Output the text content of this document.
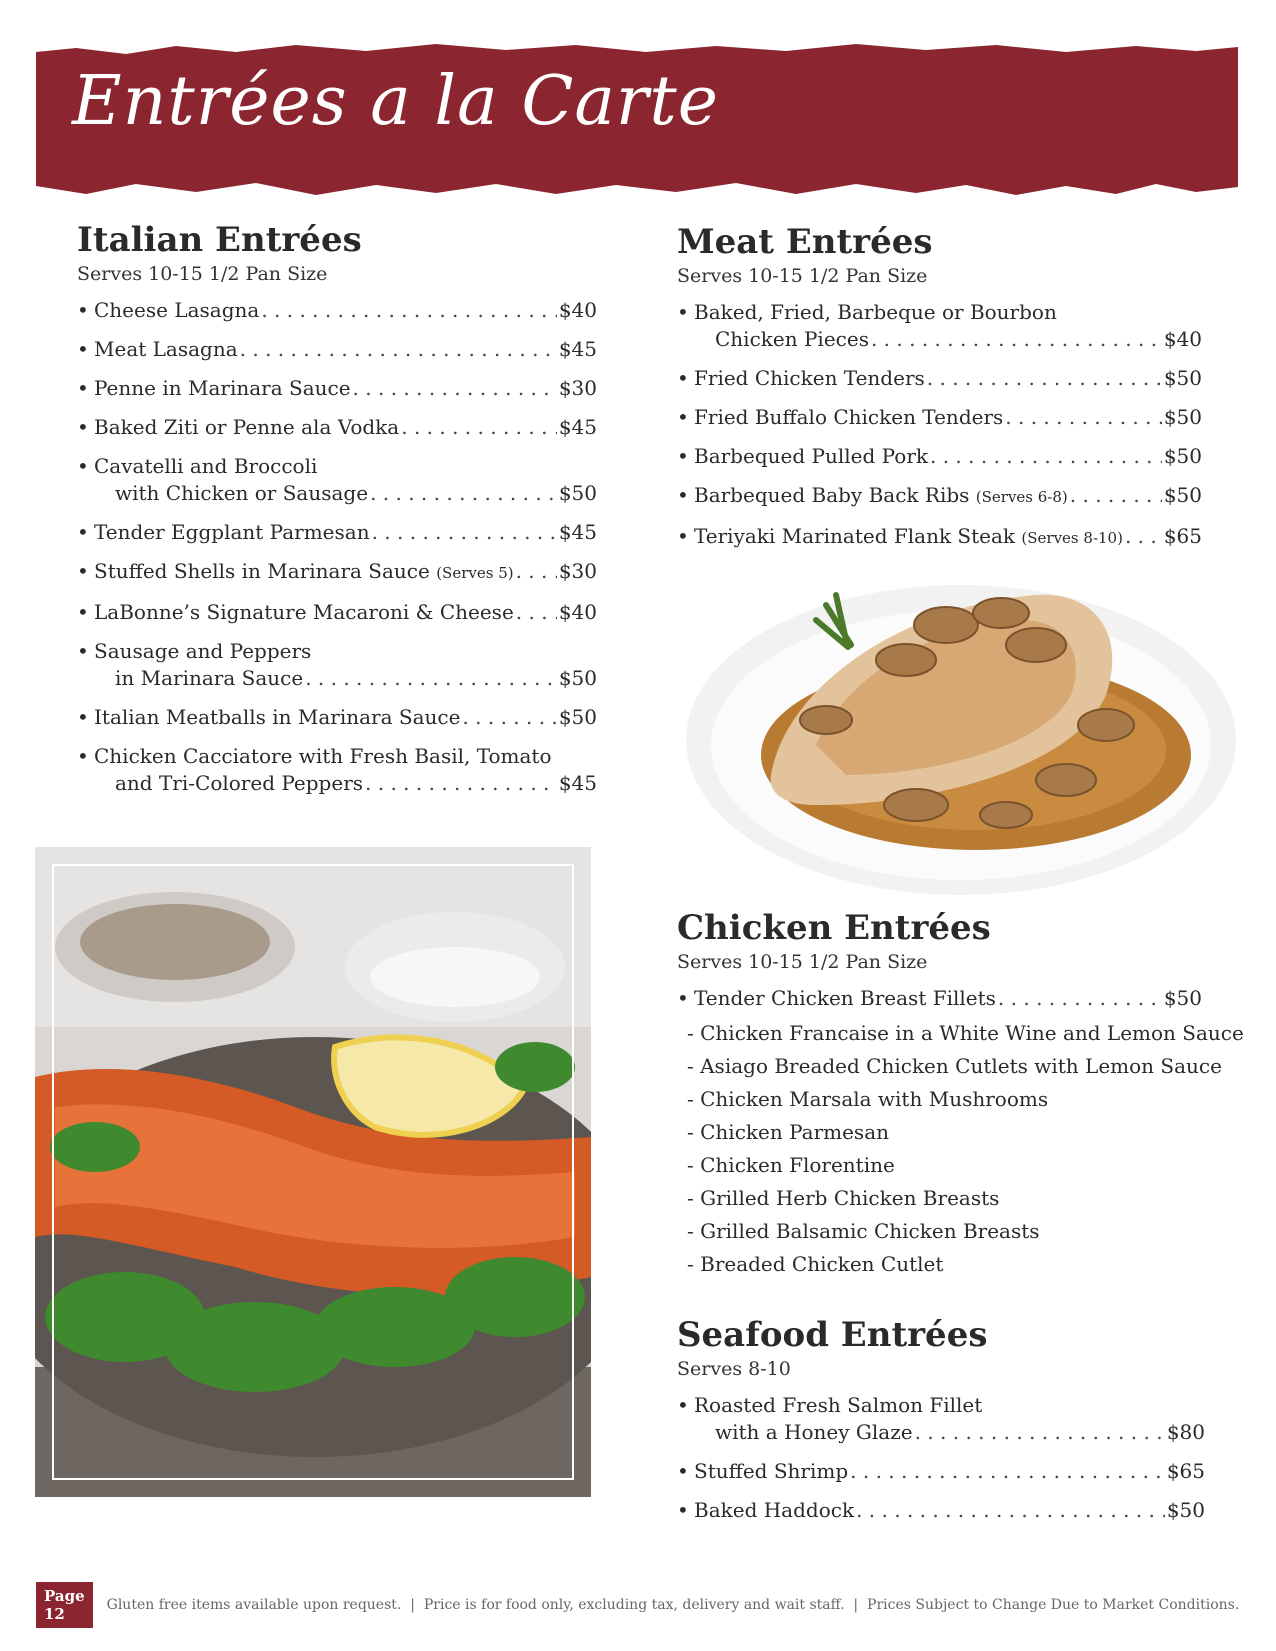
Entrées a la Carte
Italian Entrées
Serves 10-15 1/2 Pan Size
• Cheese Lasagna . . .	$40
• Meat Lasagna . . .	$45
• Penne in Marinara Sauce . . .	$30
• Baked Ziti or Penne ala Vodka . . .	$45
• Cavatelli and Broccoli
with Chicken or Sausage . . .	$50
• Tender Eggplant Parmesan . . .	$45
• Stuffed Shells in Marinara Sauce
(Serves 5) . . . $30
• LaBonne’s Signature Macaroni & Cheese . . . $40
• Sausage and Peppers
in Marinara Sauce . . .	$50
• Italian Meatballs in Marinara Sauce . . .	$50
• Chicken Cacciatore with Fresh Basil, Tomato
and Tri-Colored Peppers . . .	$45
Meat Entrées
Serves 10-15 1/2 Pan Size
• Baked, Fried, Barbeque or Bourbon
Chicken Pieces . . .	$40
• Fried Chicken Tenders . . .	$50
• Fried Buffalo Chicken Tenders . . .	$50
• Barbequed Pulled Pork . . .	$50
• Barbequed Baby Back Ribs
(Serves 6-8) . . .	$50
• Teriyaki Marinated Flank Steak
(Serves 8-10) . . . $65
Chicken Entrées
Serves 10-15 1/2 Pan Size
• Tender Chicken Breast Fillets . . .	$50
- Chicken Francaise in a White Wine and Lemon Sauce
- Asiago Breaded Chicken Cutlets with Lemon Sauce
- Chicken Marsala with Mushrooms
- Chicken Parmesan
- Chicken Florentine
- Grilled Herb Chicken Breasts
- Grilled Balsamic Chicken Breasts
- Breaded Chicken Cutlet
Seafood Entrées
Serves 8-10
• Roasted Fresh Salmon Fillet
with a Honey Glaze . . .	$80
• Stuffed Shrimp . . .	$65
• Baked Haddock . . .	$50
Page 12	Gluten free items available upon request.  |  Price is for food only, excluding tax, delivery and wait staff.  |  Prices Subject to Change Due to Market Conditions.
